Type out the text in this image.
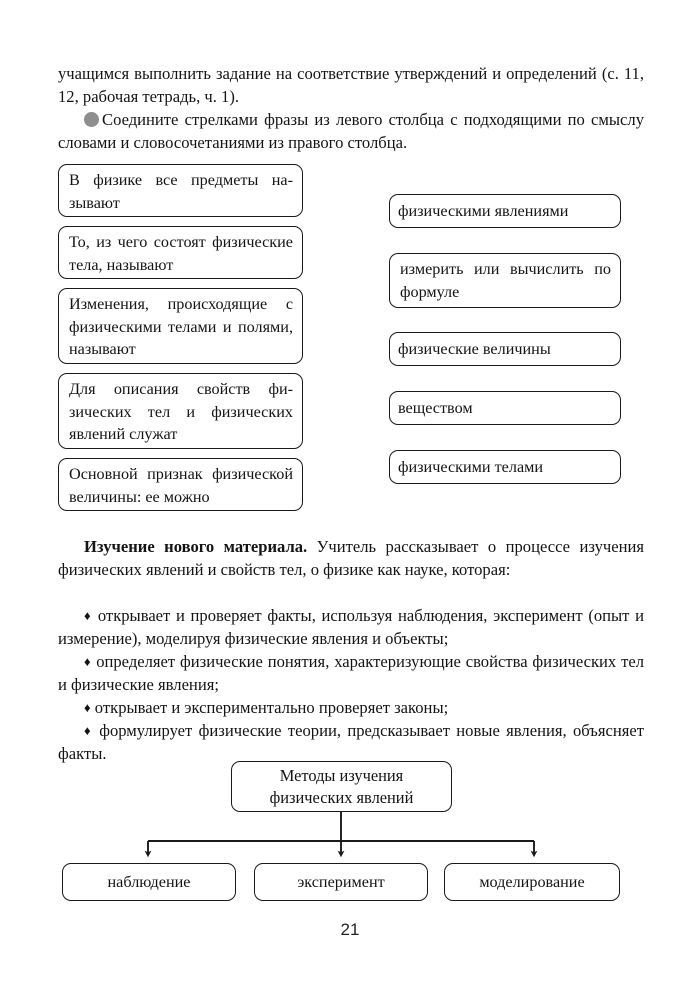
учащимся выполнить задание на соответствие утверждений и определений (с. 11, 12, рабочая тетрадь, ч. 1).

Соедините стрелками фразы из левого столбца с подходящими по смыслу словами и словосочетаниями из правого столбца.

В физике все предметы называют
То, из чего состоят физические тела, называют
Изменения, происходящие с физическими телами и полями, называют
Для описания свойств физических тел и физических явлений служат
Основной признак физической величины: ее можно
физическими явлениями
измерить или вычислить по формуле
физические величины
веществом
физическими телами

Изучение нового материала. Учитель рассказывает о процессе изучения физических явлений и свойств тел, о физике как науке, которая:

♦ открывает и проверяет факты, используя наблюдения, эксперимент (опыт и измерение), моделируя физические явления и объекты;

♦ определяет физические понятия, характеризующие свойства физических тел и физические явления;

♦ открывает и экспериментально проверяет законы;

♦ формулирует физические теории, предсказывает новые явления, объясняет факты.

Методы изучения физических явлений
наблюдение	эксперимент	моделирование
21
